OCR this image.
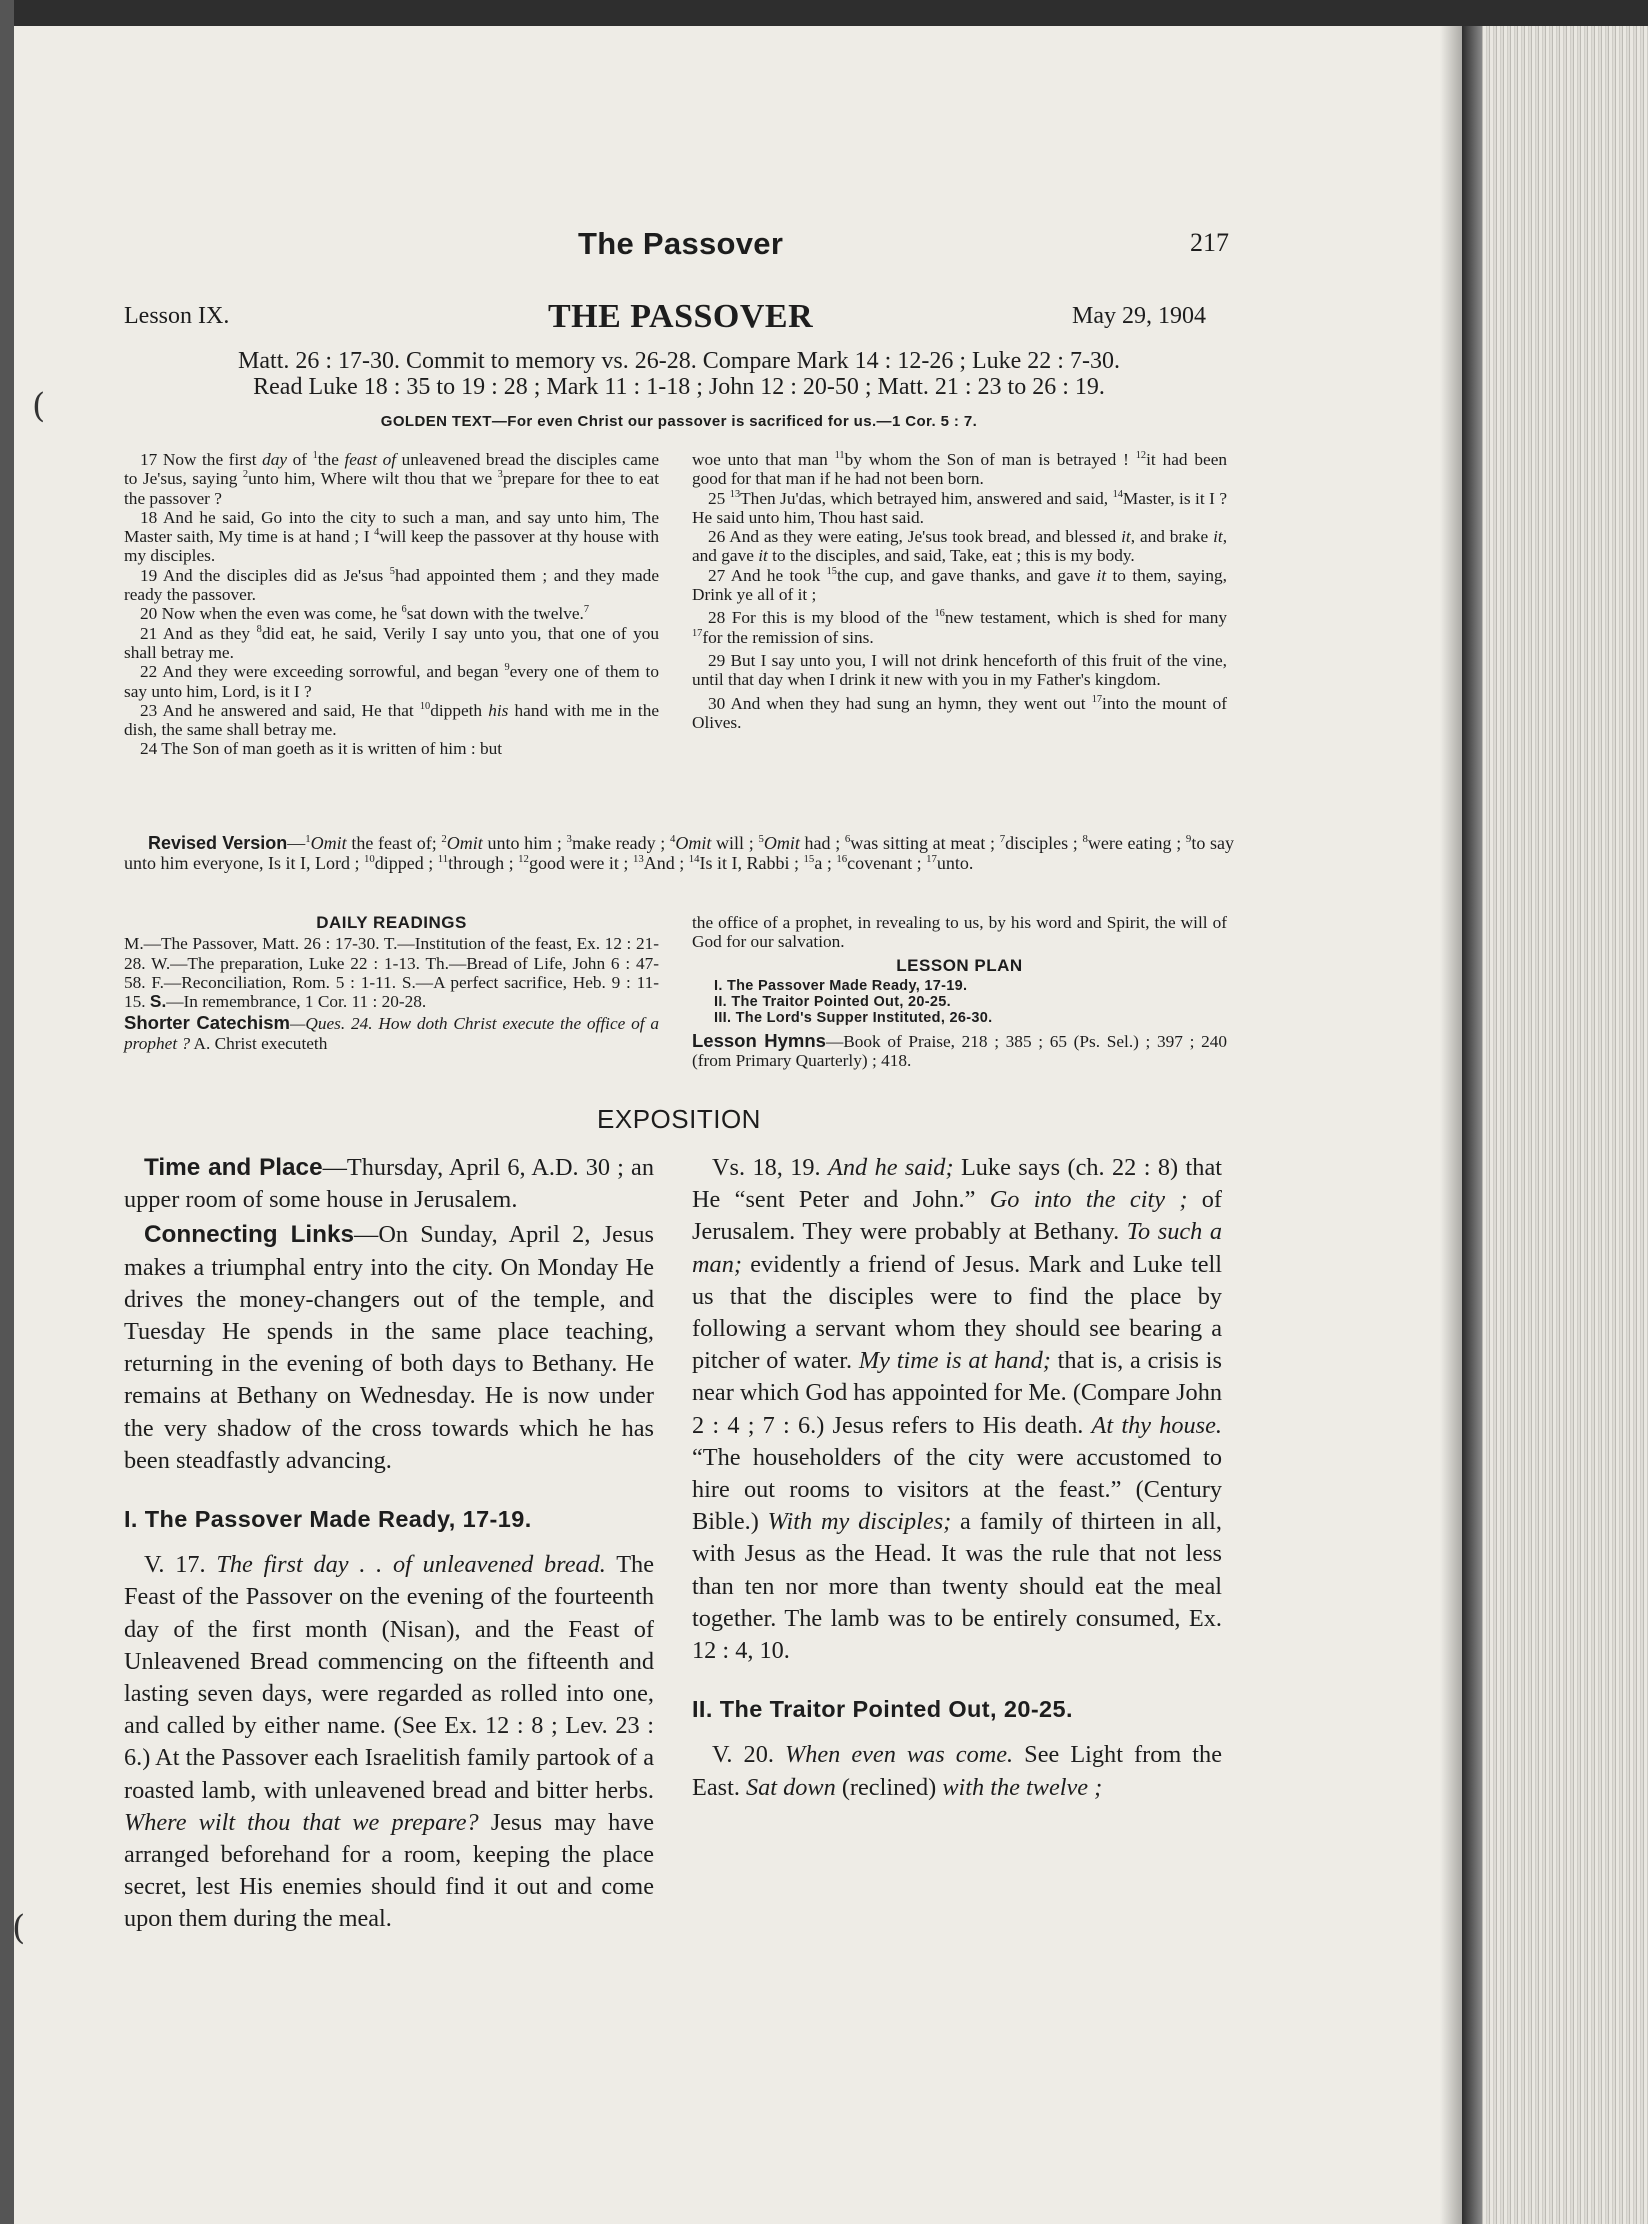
(
(
The Passover	217
Lesson IX.	THE PASSOVER	May 29, 1904
Matt. 26 : 17-30. Commit to memory vs. 26-28. Compare Mark 14 : 12-26 ; Luke 22 : 7-30.
Read Luke 18 : 35 to 19 : 28 ; Mark 11 : 1-18 ; John 12 : 20-50 ; Matt. 21 : 23 to 26 : 19.
GOLDEN TEXT—For even Christ our passover is sacrificed for us.—1 Cor. 5 : 7.

17 Now the first day of $^1$the feast of unleavened bread the disciples came to Je'sus, saying $^2$unto him, Where wilt thou that we $^3$prepare for thee to eat the passover ?

18 And he said, Go into the city to such a man, and say unto him, The Master saith, My time is at hand ; I $^4$will keep the passover at thy house with my disciples.

19 And the disciples did as Je'sus $^5$had appointed them ; and they made ready the passover.

20 Now when the even was come, he $^6$sat down with the twelve.$^7$

21 And as they $^8$did eat, he said, Verily I say unto you, that one of you shall betray me.

22 And they were exceeding sorrowful, and began $^9$every one of them to say unto him, Lord, is it I ?

23 And he answered and said, He that $^{10}$dippeth his hand with me in the dish, the same shall betray me.

24 The Son of man goeth as it is written of him : but

woe unto that man $^{11}$by whom the Son of man is betrayed ! $^{12}$it had been good for that man if he had not been born.

25 $^{13}$Then Ju'das, which betrayed him, answered and said, $^{14}$Master, is it I ? He said unto him, Thou hast said.

26 And as they were eating, Je'sus took bread, and blessed it, and brake it, and gave it to the disciples, and said, Take, eat ; this is my body.

27 And he took $^{15}$the cup, and gave thanks, and gave it to them, saying, Drink ye all of it ;

28 For this is my blood of the $^{16}$new testament, which is shed for many $^{17}$for the remission of sins.

29 But I say unto you, I will not drink henceforth of this fruit of the vine, until that day when I drink it new with you in my Father's kingdom.

30 And when they had sung an hymn, they went out $^{17}$into the mount of Olives.

Revised Version—$^1$Omit the feast of; $^2$Omit unto him ; $^3$make ready ; $^4$Omit will ; $^5$Omit had ; $^6$was sitting at meat ; $^7$disciples ; $^8$were eating ; $^9$to say unto him everyone, Is it I, Lord ; $^{10}$dipped ; $^{11}$through ; $^{12}$good were it ; $^{13}$And ; $^{14}$Is it I, Rabbi ; $^{15}$a ; $^{16}$covenant ; $^{17}$unto.
DAILY READINGS

M.—The Passover, Matt. 26 : 17-30. T.—Institution of the feast, Ex. 12 : 21-28. W.—The preparation, Luke 22 : 1-13. Th.—Bread of Life, John 6 : 47-58. F.—Reconciliation, Rom. 5 : 1-11. S.—A perfect sacrifice, Heb. 9 : 11-15. S.—In remembrance, 1 Cor. 11 : 20-28.

Shorter Catechism—Ques. 24. How doth Christ execute the office of a prophet ? A. Christ executeth

the office of a prophet, in revealing to us, by his word and Spirit, the will of God for our salvation.

LESSON PLAN
I. The Passover Made Ready, 17-19.
II. The Traitor Pointed Out, 20-25.
III. The Lord's Supper Instituted, 26-30.

Lesson Hymns—Book of Praise, 218 ; 385 ; 65 (Ps. Sel.) ; 397 ; 240 (from Primary Quarterly) ; 418.

EXPOSITION

Time and Place—Thursday, April 6, A.D. 30 ; an upper room of some house in Jerusalem.

Connecting Links—On Sunday, April 2, Jesus makes a triumphal entry into the city. On Monday He drives the money-changers out of the temple, and Tuesday He spends in the same place teaching, returning in the evening of both days to Bethany. He remains at Bethany on Wednesday. He is now under the very shadow of the cross towards which he has been steadfastly advancing.

I. The Passover Made Ready, 17-19.

V. 17. The first day . . of unleavened bread. The Feast of the Passover on the evening of the fourteenth day of the first month (Nisan), and the Feast of Unleavened Bread commencing on the fifteenth and lasting seven days, were regarded as rolled into one, and called by either name. (See Ex. 12 : 8 ; Lev. 23 : 6.) At the Passover each Israelitish family partook of a roasted lamb, with unleavened bread and bitter herbs. Where wilt thou that we prepare? Jesus may have arranged beforehand for a room, keeping the place secret, lest His enemies should find it out and come upon them during the meal.

Vs. 18, 19. And he said; Luke says (ch. 22 : 8) that He “sent Peter and John.” Go into the city ; of Jerusalem. They were probably at Bethany. To such a man; evidently a friend of Jesus. Mark and Luke tell us that the disciples were to find the place by following a servant whom they should see bearing a pitcher of water. My time is at hand; that is, a crisis is near which God has appointed for Me. (Compare John 2 : 4 ; 7 : 6.) Jesus refers to His death. At thy house. “The householders of the city were accustomed to hire out rooms to visitors at the feast.” (Century Bible.) With my disciples; a family of thirteen in all, with Jesus as the Head. It was the rule that not less than ten nor more than twenty should eat the meal together. The lamb was to be entirely consumed, Ex. 12 : 4, 10.

II. The Traitor Pointed Out, 20-25.

V. 20. When even was come. See Light from the East. Sat down (reclined) with the twelve ;
